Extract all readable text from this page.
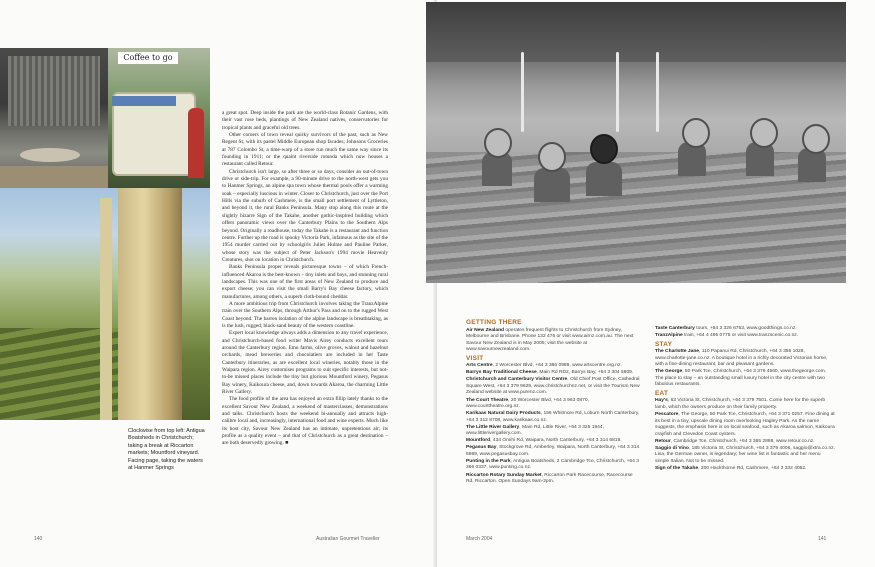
Coffee to go
Clockwise from top left: Antigua Boatsheds in Christchurch; taking a break at Riccarton markets; Mountford vineyard. Facing page, taking the waters at Hanmer Springs

a great spot. Deep inside the park are the world-class Botanic Gardens, with their vast rose beds, plantings of New Zealand natives, conservatories for tropical plants and graceful old trees.

Other corners of town reveal quirky survivors of the past, such as New Regent St, with its pastel Middle European shop facades; Johnsons Groceries at 787 Colombo St, a time-warp of a store run much the same way since its founding in 1911; or the quaint riverside rotunda which now houses a restaurant called Retour.

Christchurch isn't large, so after three or so days, consider an out-of-town drive or side-trip. For example, a 90-minute drive to the north-west gets you to Hanmer Springs, an alpine spa town whose thermal pools offer a warming soak – especially luscious in winter. Closer to Christchurch, just over the Port Hills via the suburb of Cashmere, is the small port settlement of Lyttleton, and beyond it, the rural Banks Peninsula. Many stop along this route at the slightly bizarre Sign of the Takahe, another gothic-inspired building which offers panoramic views over the Canterbury Plains to the Southern Alps beyond. Originally a roadhouse, today the Takahe is a restaurant and function centre. Further up the road is spooky Victoria Park, infamous as the site of the 1954 murder carried out by schoolgirls Juliet Hulme and Pauline Parker, whose story was the subject of Peter Jackson's 1994 movie Heavenly Creatures, shot on location in Christchurch.

Banks Peninsula proper reveals picturesque towns – of which French-influenced Akaroa is the best-known – tiny inlets and bays, and stunning rural landscapes. This was one of the first areas of New Zealand to produce and export cheese; you can visit the small Barry's Bay cheese factory, which manufactures, among others, a superb cloth-bound cheddar.

A more ambitious trip from Christchurch involves taking the TranzAlpine train over the Southern Alps, through Arthur's Pass and on to the rugged West Coast beyond. The barren isolation of the alpine landscape is breathtaking, as is the lush, rugged, black-sand beauty of the western coastline.

Expert local knowledge always adds a dimension to any travel experience, and Christchurch-based food writer Mavis Airey conducts excellent tours around the Canterbury region. Emu farms, olive groves, walnut and hazelnut orchards, mead breweries and chocolatiers are included in her Taste Canterbury itineraries, as are excellent local wineries, notably those in the Waipara region. Airey customises programs to suit specific interests, but not-to-be missed places include the tiny but glorious Mountford winery, Pegasus Bay winery, Kaikoura cheese, and, down towards Akaroa, the charming Little River Gallery.

The food profile of the area has enjoyed an extra fillip lately thanks to the excellent Savour New Zealand, a weekend of masterclasses, demonstrations and talks. Christchurch hosts the weekend bi-annually and attracts high-calibre local and, increasingly, international food and wine experts. Much like its host city, Savour New Zealand has an intimate, unpretentious air; its profile as a quality event – and that of Christchurch as a great destination – are both deservedly growing. ■

140	Australian Gourmet Traveller
GETTING THERE
Air New Zealand operates frequent flights to Christchurch from Sydney, Melbourne and Brisbane. Phone 132 476 or visit www.airnz.com.au. The next Savour New Zealand is in May 2005; visit the website at www.savournewzealand.com.
VISIT
Arts Centre, 2 Worcester Blvd, +64 3 366 0989, www.artscentre.org.nz.
Barrys Bay Traditional Cheese, Main Rd RD2, Barrys Bay, +64 3 304 5809.
Christchurch and Canterbury Visitor Centre, Old Chief Post Office, Cathedral Square West, +64 3 379 9629, www.christchurchnz.net, or visit the Tourism New Zealand website at www.purenz.com.
The Court Theatre, 20 Worcester Blvd, +64 3 963 0870, www.courttheatre.org.nz.
Karikaas Natural Dairy Products, 156 Whitmore Rd, Loburn North Canterbury, +64 3 312 8708, www.karikaas.co.nz.
The Little River Gallery, Main Rd, Little River, +64 3 325 1944, www.littlerivergallery.com.
Mountford, 434 Omihi Rd, Waipara, North Canterbury, +64 3 314 6819.
Pegasus Bay, Stockgrove Rd, Amberley, Waipara, North Canterbury, +64 3 314 6869, www.pegasusbay.com.
Punting in the Park, Antigua Boatsheds, 2 Cambridge Tce, Christchurch, +64 3 366 0337, www.punting.co.nz.
Riccarton Rotary Sunday Market, Riccarton Park Racecourse, Racecourse Rd, Riccarton. Open Sundays 9am-2pm.
Taste Canterbury tours, +64 3 326 6753, www.goodthings.co.nz.
TranzAlpine train, +64 4 495 0775 or visit www.tranzscenic.co.nz.
STAY
The Charlotte Jane, 110 Papanui Rd, Christchurch, +64 3 355 1028, www.charlotte-jane.co.nz. A boutique hotel in a richly decorated Victorian home, with a fine-dining restaurant, bar and pleasant gardens.
The George, 50 Park Tce, Christchurch, +64 3 379 4560, www.thegeorge.com. The place to stay – an outstanding small luxury hotel in the city centre with two fabulous restaurants.
EAT
Hay's, 63 Victoria St, Christchurch, +64 3 379 7501. Come here for the superb lamb, which the owners produce on their family property.
Pescatore, The George, 50 Park Tce, Christchurch, +64 3 371 0257. Fine dining at its best in a tiny, upscale dining room overlooking Hagley Park. As the name suggests, the emphasis here is on local seafood, such as Akaroa salmon, Kaikoura crayfish and Clevedon Coast oysters.
Retour, Cambridge Tce, Christchurch, +64 3 365 2888, www.retour.co.nz.
Saggio di Vino, 185 Victoria St, Christchurch, +64 3 379 4006, saggio@xtra.co.nz. Lisa, the German owner, is legendary; her wine list is fantastic and her menu simple Italian. Not to be missed.
Sign of the Takahe, 200 Hackthorne Rd, Cashmere, +64 3 332 4052.
March 2004	141
